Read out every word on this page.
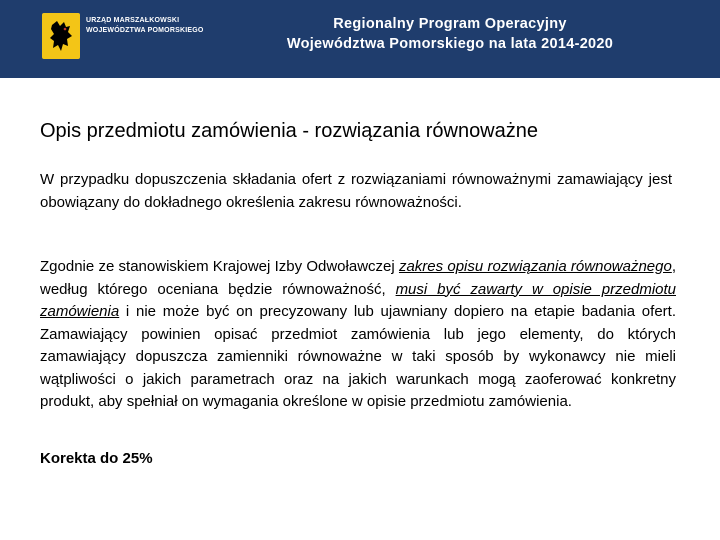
URZĄD MARSZAŁKOWSKI
WOJEWÓDZTWA POMORSKIEGO	Regionalny Program Operacyjny
Województwa Pomorskiego na lata 2014-2020
Opis przedmiotu zamówienia - rozwiązania równoważne
W przypadku dopuszczenia składania ofert z rozwiązaniami równoważnymi zamawiający jest obowiązany do dokładnego określenia zakresu równoważności.
Zgodnie ze stanowiskiem Krajowej Izby Odwoławczej zakres opisu rozwiązania równoważnego, według którego oceniana będzie równoważność, musi być zawarty w opisie przedmiotu zamówienia i nie może być on precyzowany lub ujawniany dopiero na etapie badania ofert. Zamawiający powinien opisać przedmiot zamówienia lub jego elementy, do których zamawiający dopuszcza zamienniki równoważne w taki sposób by wykonawcy nie mieli wątpliwości o jakich parametrach oraz na jakich warunkach mogą zaoferować konkretny produkt, aby spełniał on wymagania określone w opisie przedmiotu zamówienia.
Korekta do 25%
